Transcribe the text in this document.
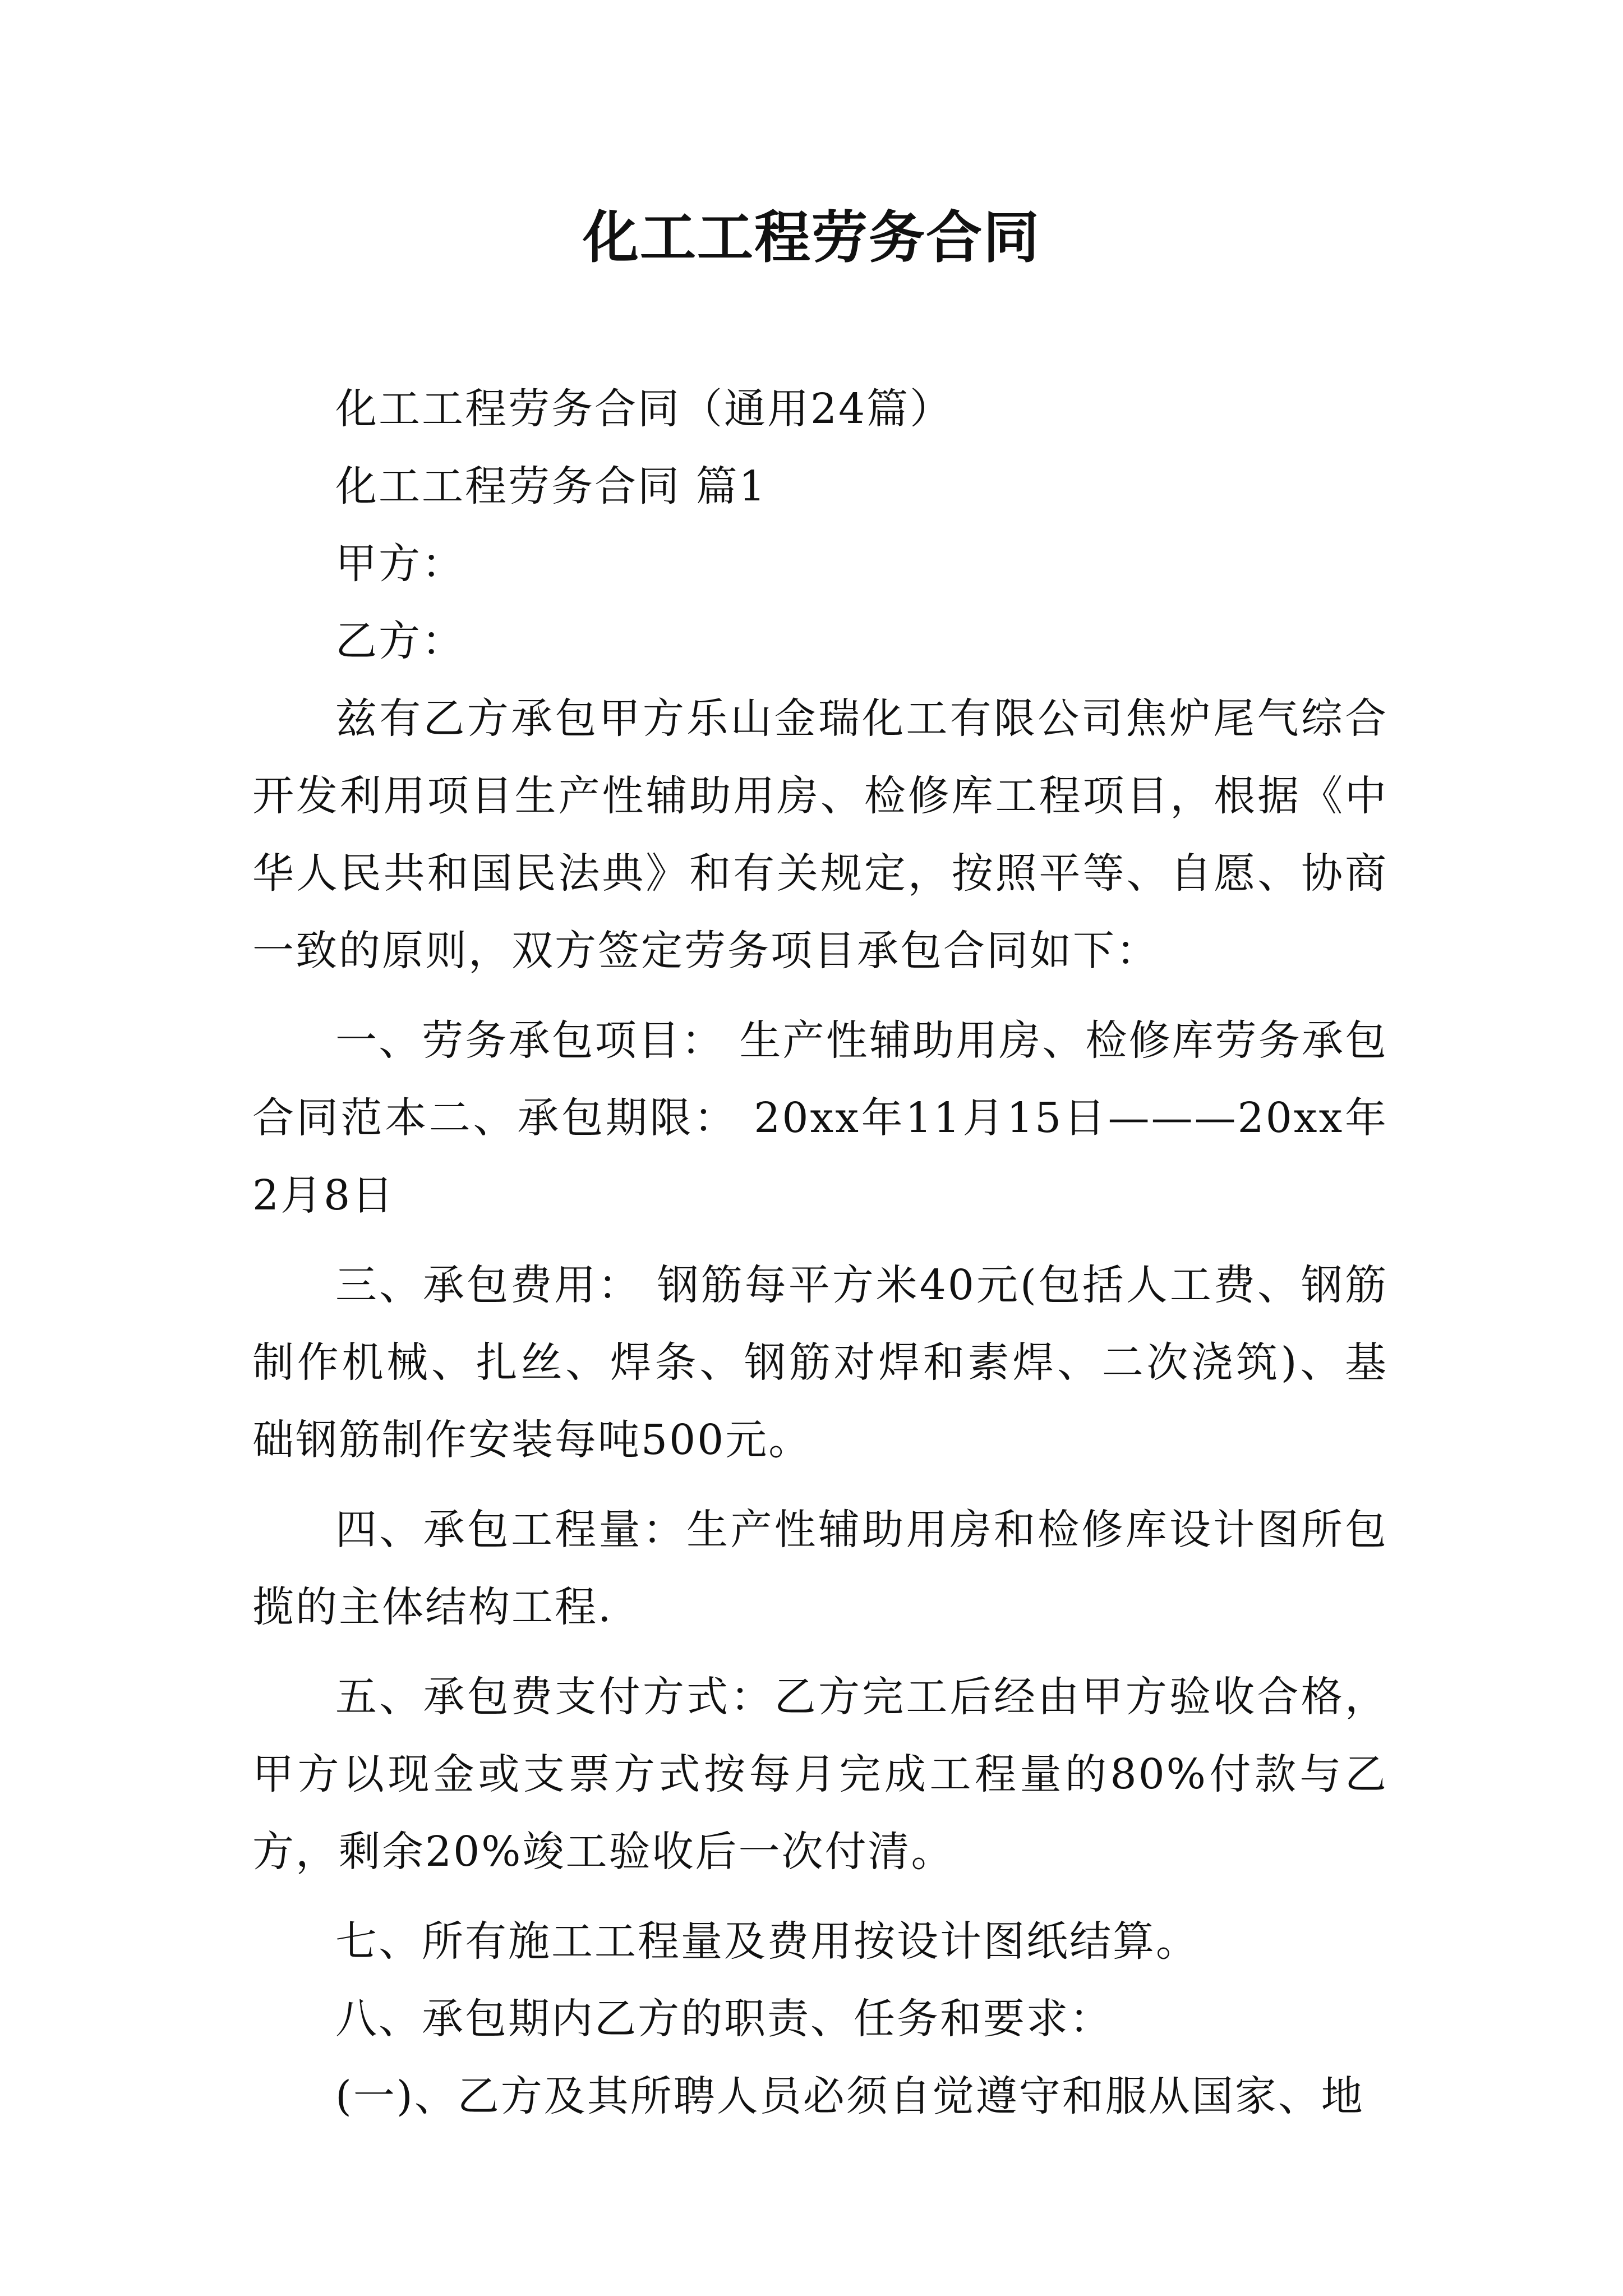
化工工程劳务合同

化工工程劳务合同（通用24篇）

化工工程劳务合同 篇1

甲方：

乙方：

兹有乙方承包甲方乐山金瑞化工有限公司焦炉尾气综合开发利用项目生产性辅助用房、检修库工程项目，根据《中华人民共和国民法典》和有关规定，按照平等、自愿、协商一致的原则，双方签定劳务项目承包合同如下：

一、劳务承包项目： 生产性辅助用房、检修库劳务承包合同范本二、承包期限： 20xx年11月15日———20xx年2月8日

三、承包费用： 钢筋每平方米40元(包括人工费、钢筋制作机械、扎丝、焊条、钢筋对焊和素焊、二次浇筑)、基础钢筋制作安装每吨500元。

四、承包工程量：生产性辅助用房和检修库设计图所包揽的主体结构工程.

五、承包费支付方式：乙方完工后经由甲方验收合格，甲方以现金或支票方式按每月完成工程量的80%付款与乙方，剩余20%竣工验收后一次付清。

七、所有施工工程量及费用按设计图纸结算。

八、承包期内乙方的职责、任务和要求：

(一)、乙方及其所聘人员必须自觉遵守和服从国家、地
